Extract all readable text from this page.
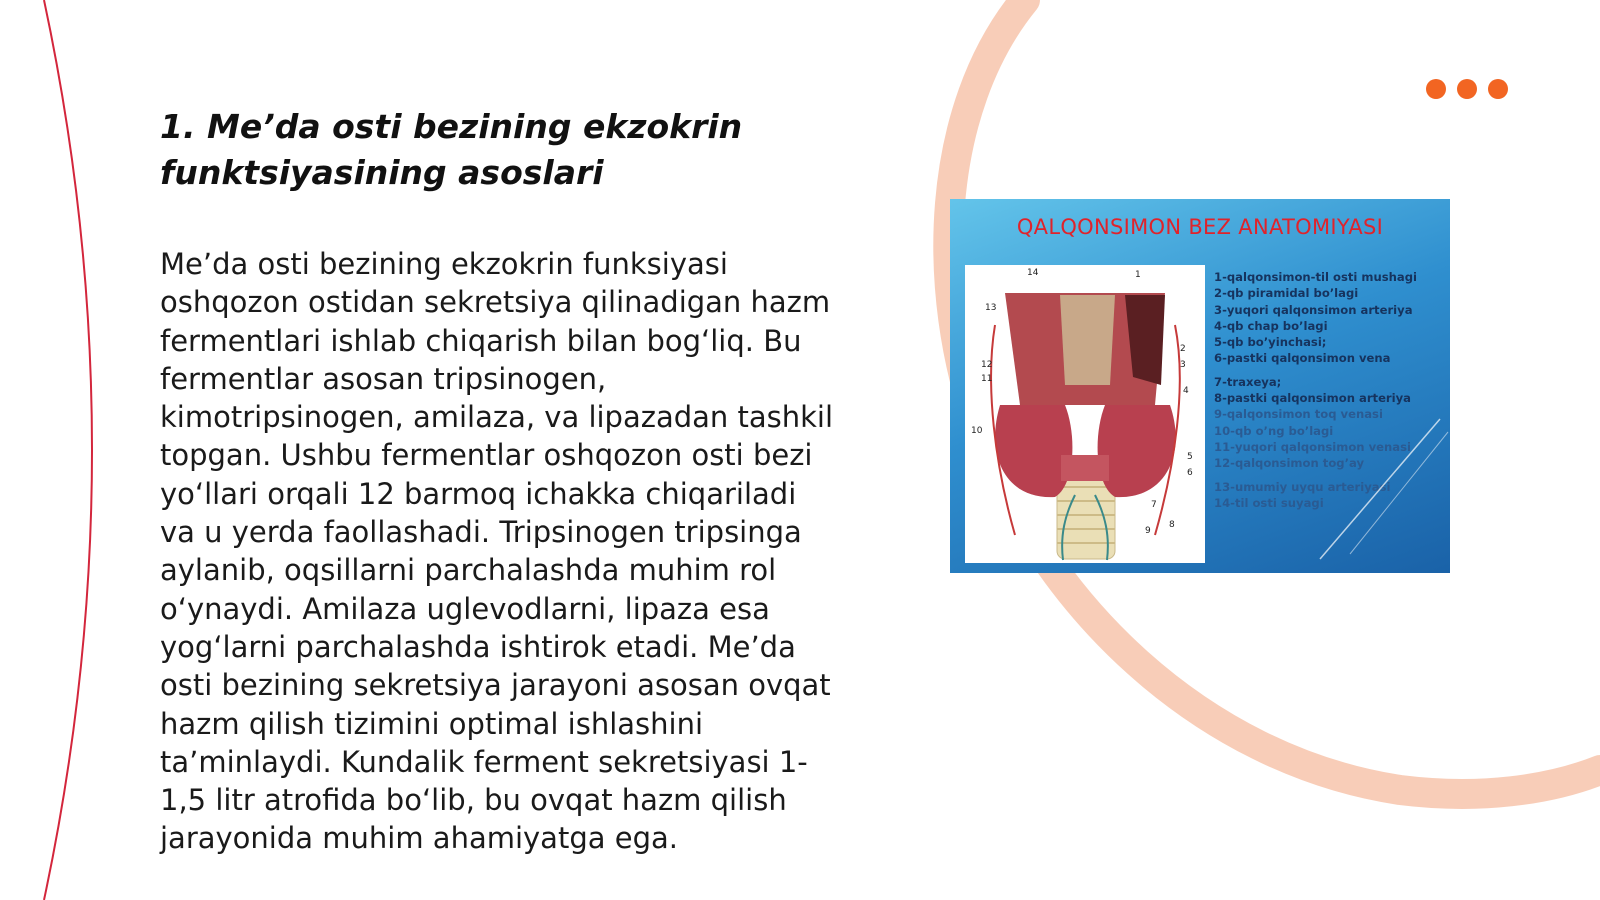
1. Me’da osti bezining ekzokrin funktsiyasining asoslari

Me’da osti bezining ekzokrin funksiyasi oshqozon ostidan sekretsiya qilinadigan hazm fermentlari ishlab chiqarish bilan bog‘liq. Bu fermentlar asosan tripsinogen, kimotripsinogen, amilaza, va lipazadan tashkil topgan. Ushbu fermentlar oshqozon osti bezi yo‘llari orqali 12 barmoq ichakka chiqariladi va u yerda faollashadi. Tripsinogen tripsinga aylanib, oqsillarni parchalashda muhim rol o‘ynaydi. Amilaza uglevodlarni, lipaza esa yog‘larni parchalashda ishtirok etadi. Me’da osti bezining sekretsiya jarayoni asosan ovqat hazm qilish tizimini optimal ishlashini ta’minlaydi. Kundalik ferment sekretsiyasi 1-1,5 litr atrofida bo‘lib, bu ovqat hazm qilish jarayonida muhim ahamiyatga ega.

QALQONSIMON BEZ ANATOMIYASI
14	1
13
2
12	3
11
4
10
5
6
7
8
9
1-qalqonsimon-til osti mushagi
2-qb piramidal bo’lagi
3-yuqori qalqonsimon arteriya
4-qb chap bo’lagi
5-qb bo’yinchasi;
6-pastki qalqonsimon vena
7-traxeya;
8-pastki qalqonsimon arteriya
9-qalqonsimon toq venasi
10-qb o’ng bo’lagi
11-yuqori qalqonsimon venasi
12-qalqonsimon tog’ay
13-umumiy uyqu arteriyasi
14-til osti suyagi
